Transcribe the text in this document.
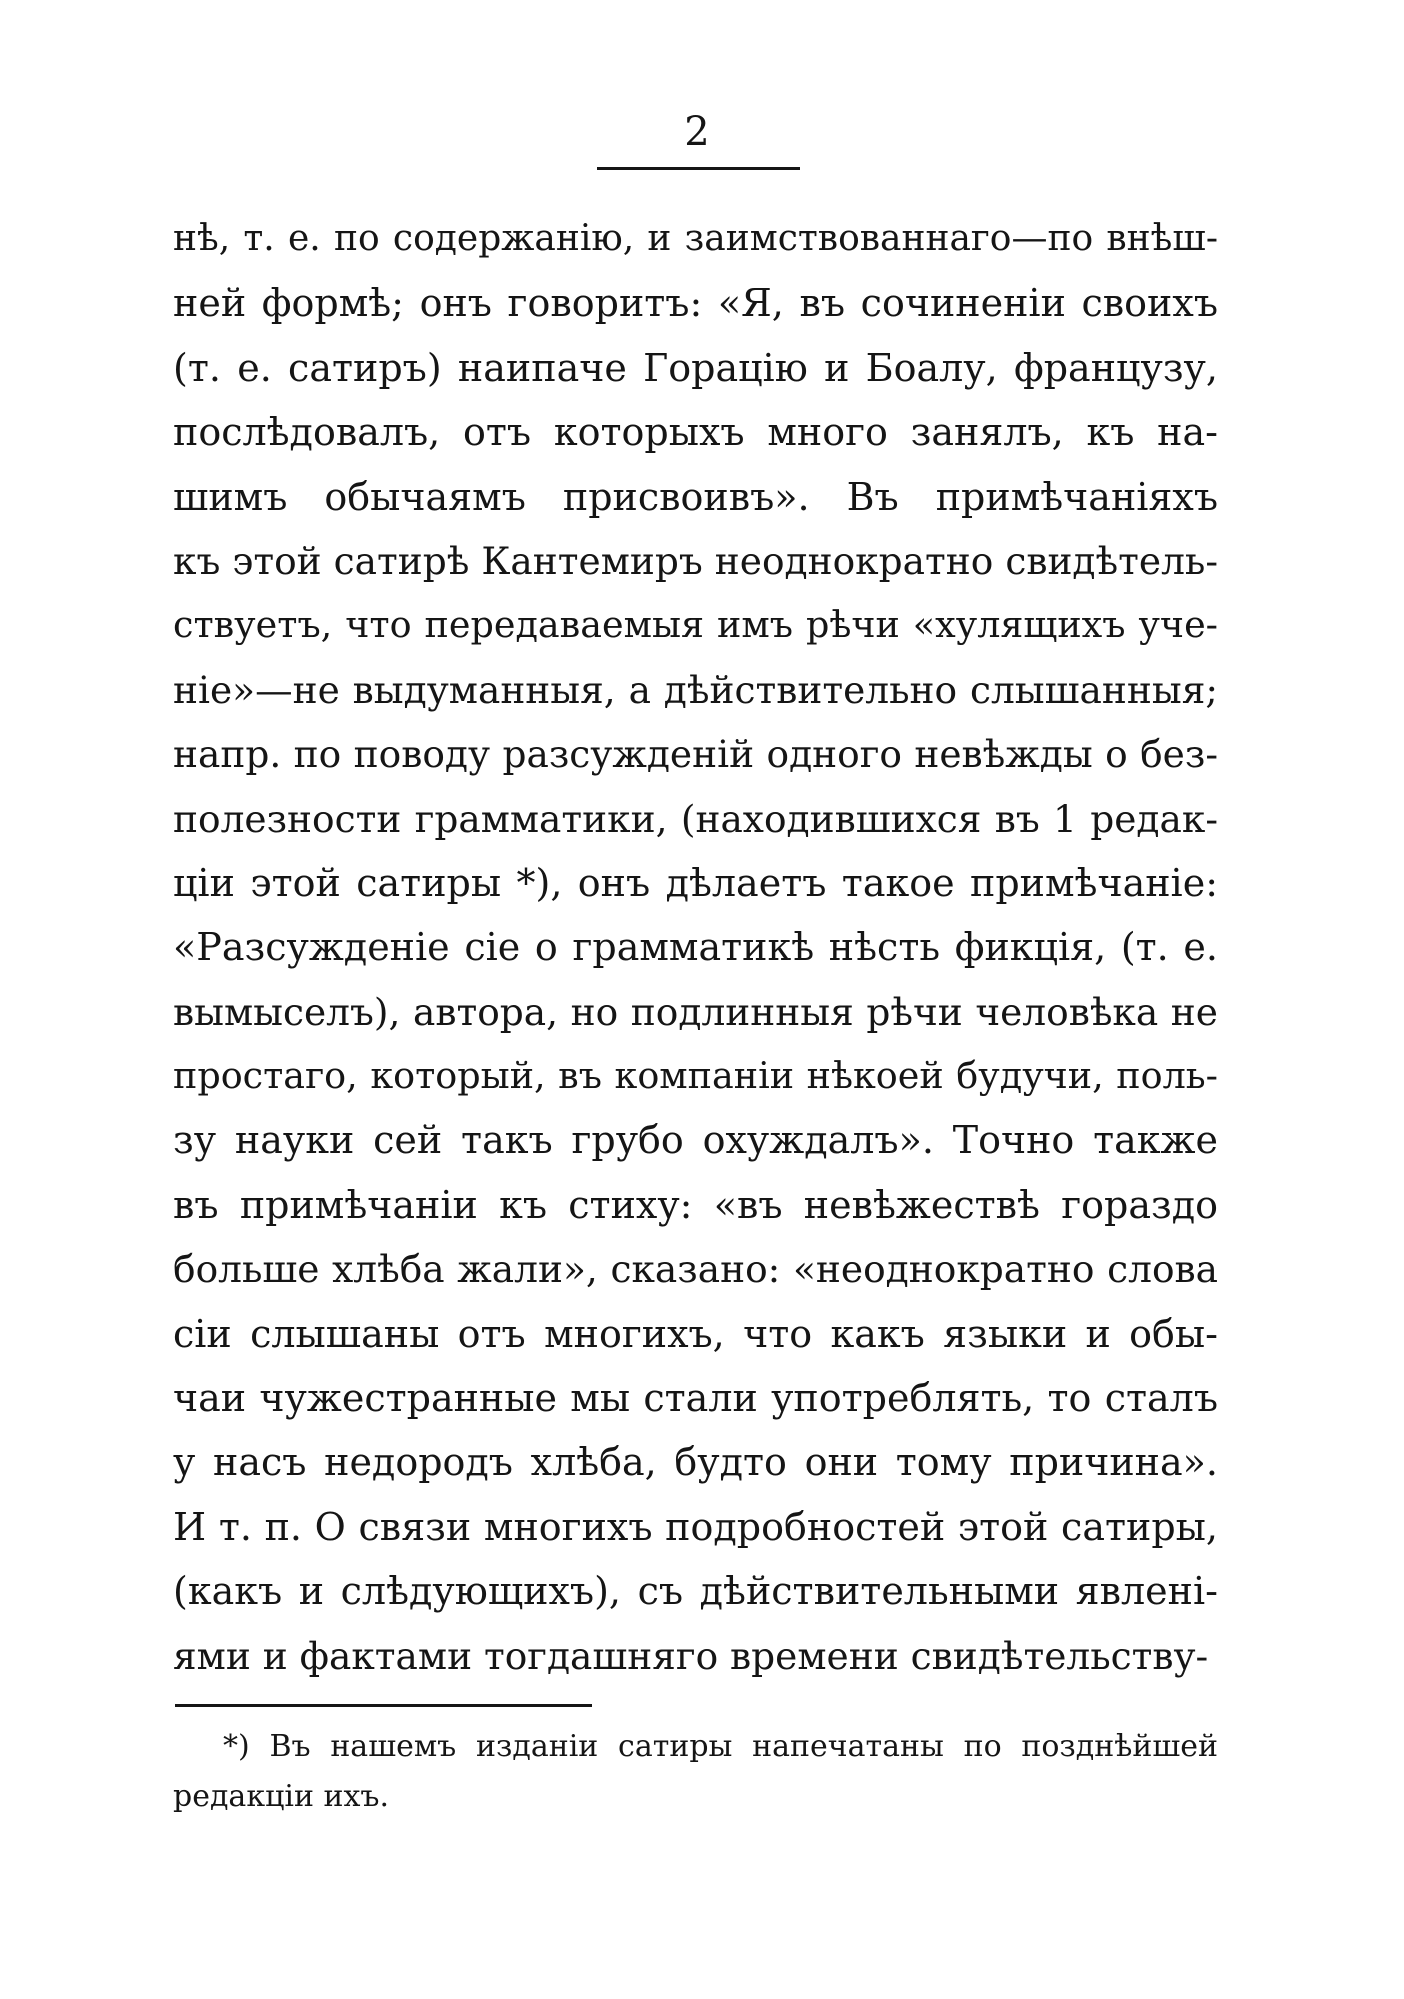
2
нѣ, т. е. по содержанію, и заимствованнаго—по внѣш-
ней формѣ; онъ говоритъ: «Я, въ сочиненіи своихъ
(т. е. сатиръ) наипаче Горацію и Боалу, французу,
послѣдовалъ, отъ которыхъ много занялъ, къ на-
шимъ обычаямъ присвоивъ». Въ примѣчаніяхъ
къ этой сатирѣ Кантемиръ неоднократно свидѣтель-
ствуетъ, что передаваемыя имъ рѣчи «хулящихъ уче-
ніе»—не выдуманныя, а дѣйствительно слышанныя;
напр. по поводу разсужденій одного невѣжды о без-
полезности грамматики, (находившихся въ 1 редак-
ціи этой сатиры *), онъ дѣлаетъ такое примѣчаніе:
«Разсужденіе сіе о грамматикѣ нѣсть фикція, (т. е.
вымыселъ), автора, но подлинныя рѣчи человѣка не
простаго, который, въ компаніи нѣкоей будучи, поль-
зу науки сей такъ грубо охуждалъ». Точно также
въ примѣчаніи къ стиху: «въ невѣжествѣ гораздо
больше хлѣба жали», сказано: «неоднократно слова
сіи слышаны отъ многихъ, что какъ языки и обы-
чаи чужестранные мы стали употреблять, то сталъ
у насъ недородъ хлѣба, будто они тому причина».
И т. п. О связи многихъ подробностей этой сатиры,
(какъ и слѣдующихъ), съ дѣйствительными явлені-
ями и фактами тогдашняго времени свидѣтельству-
*) Въ нашемъ изданіи сатиры напечатаны по позднѣйшей
редакціи ихъ.
